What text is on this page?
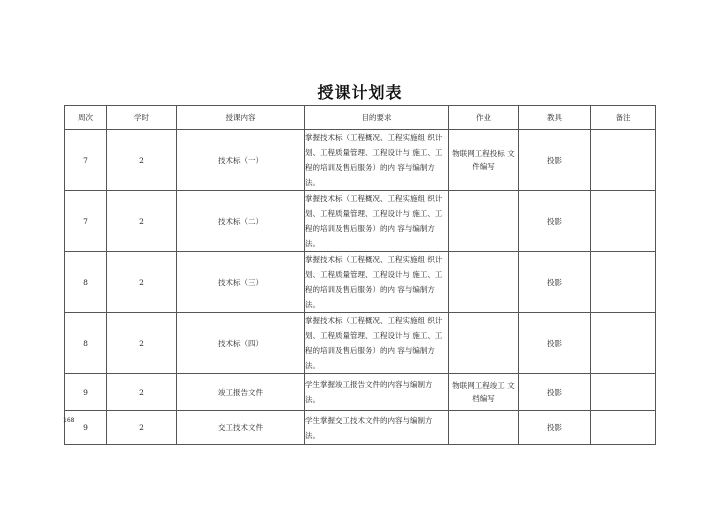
授课计划表
周次	学时	授课内容	目的要求	作业	教具	备注
7	2	技术标（一）	掌握技术标（工程概况、工程实施组 织计划、工程质量管理、工程设计与 施工、工程的培训及售后服务）的内 容与编制方法。	物联网工程投标 文件编写	投影	
7	2	技术标（二）	掌握技术标（工程概况、工程实施组 织计划、工程质量管理、工程设计与 施工、工程的培训及售后服务）的内 容与编制方法。		投影	
8	2	技术标（三）	掌握技术标（工程概况、工程实施组 织计划、工程质量管理、工程设计与 施工、工程的培训及售后服务）的内 容与编制方法。		投影	
8	2	技术标（四）	掌握技术标（工程概况、工程实施组 织计划、工程质量管理、工程设计与 施工、工程的培训及售后服务）的内 容与编制方法。		投影	
9	2	竣工报告文件	学生掌握竣工报告文件的内容与编制方 法。	物联网工程竣工 文档编写	投影	
9	2	交工技术文件	学生掌握交工技术文件的内容与编制方 法。		投影	
168
